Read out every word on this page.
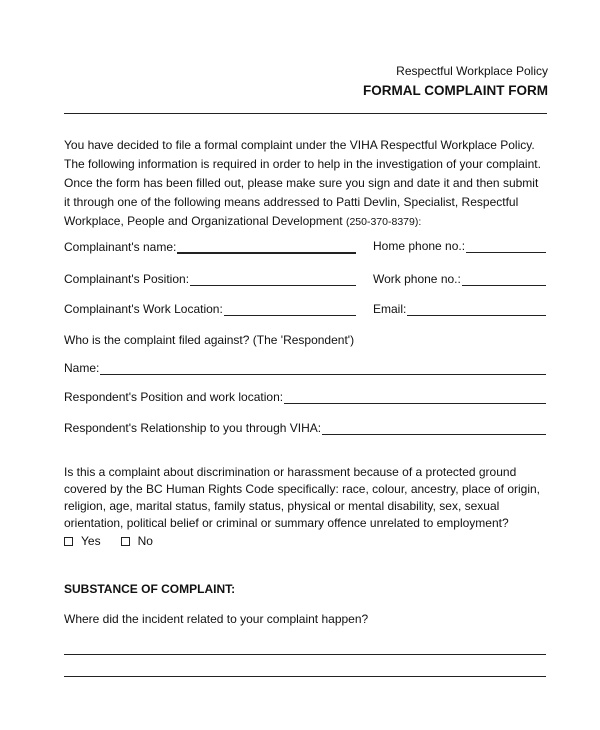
Respectful Workplace Policy
FORMAL COMPLAINT FORM

You have decided to file a formal complaint under the VIHA Respectful Workplace Policy. The following information is required in order to help in the investigation of your complaint. Once the form has been filled out, please make sure you sign and date it and then submit it through one of the following means addressed to Patti Devlin, Specialist, Respectful Workplace, People and Organizational Development (250-370-8379):

Complainant's name:	Home phone no.:
Complainant's Position:	Work phone no.:
Complainant's Work Location:	Email:
Who is the complaint filed against? (The 'Respondent')
Name:
Respondent's Position and work location:
Respondent's Relationship to you through VIHA:

Is this a complaint about discrimination or harassment because of a protected ground covered by the BC Human Rights Code specifically: race, colour, ancestry, place of origin, religion, age, marital status, family status, physical or mental disability, sex, sexual orientation, political belief or criminal or summary offence unrelated to employment?

Yes	No
SUBSTANCE OF COMPLAINT:
Where did the incident related to your complaint happen?
